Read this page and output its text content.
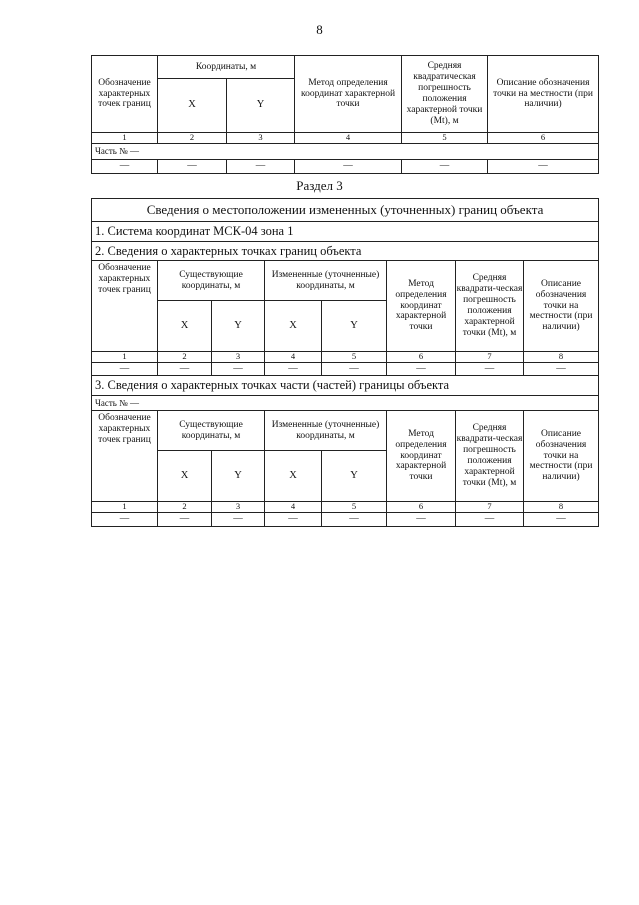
8
Обозначение характерных точек границ	Координаты, м		Метод определения координат характерной точки	Средняя квадратическая погрешность положения характерной точки (Mt), м	Описание обозначения точки на местности (при наличии)
	X	Y			
1	2	3	4	5	6
Часть № —					
—	—	—	—	—	—
Раздел 3
Сведения о местоположении измененных (уточненных) границ объекта							
1. Система координат МСК-04 зона 1							
2. Сведения о характерных точках границ объекта							
Обозначение характерных точек границ	Существующие координаты, м		Измененные (уточненные) координаты, м		Метод определения координат характерной точки	Средняя квадрати-ческая погрешность положения характерной точки (Mt), м	Описание обозначения точки на местности (при наличии)
	X	Y	X	Y			
1	2	3	4	5	6	7	8
—	—	—	—	—	—	—	—
3. Сведения о характерных точках части (частей) границы объекта							
Часть № —							
Обозначение характерных точек границ	Существующие координаты, м		Измененные (уточненные) координаты, м		Метод определения координат характерной точки	Средняя квадрати-ческая погрешность положения характерной точки (Mt), м	Описание обозначения точки на местности (при наличии)
	X	Y	X	Y			
1	2	3	4	5	6	7	8
—	—	—	—	—	—	—	—
